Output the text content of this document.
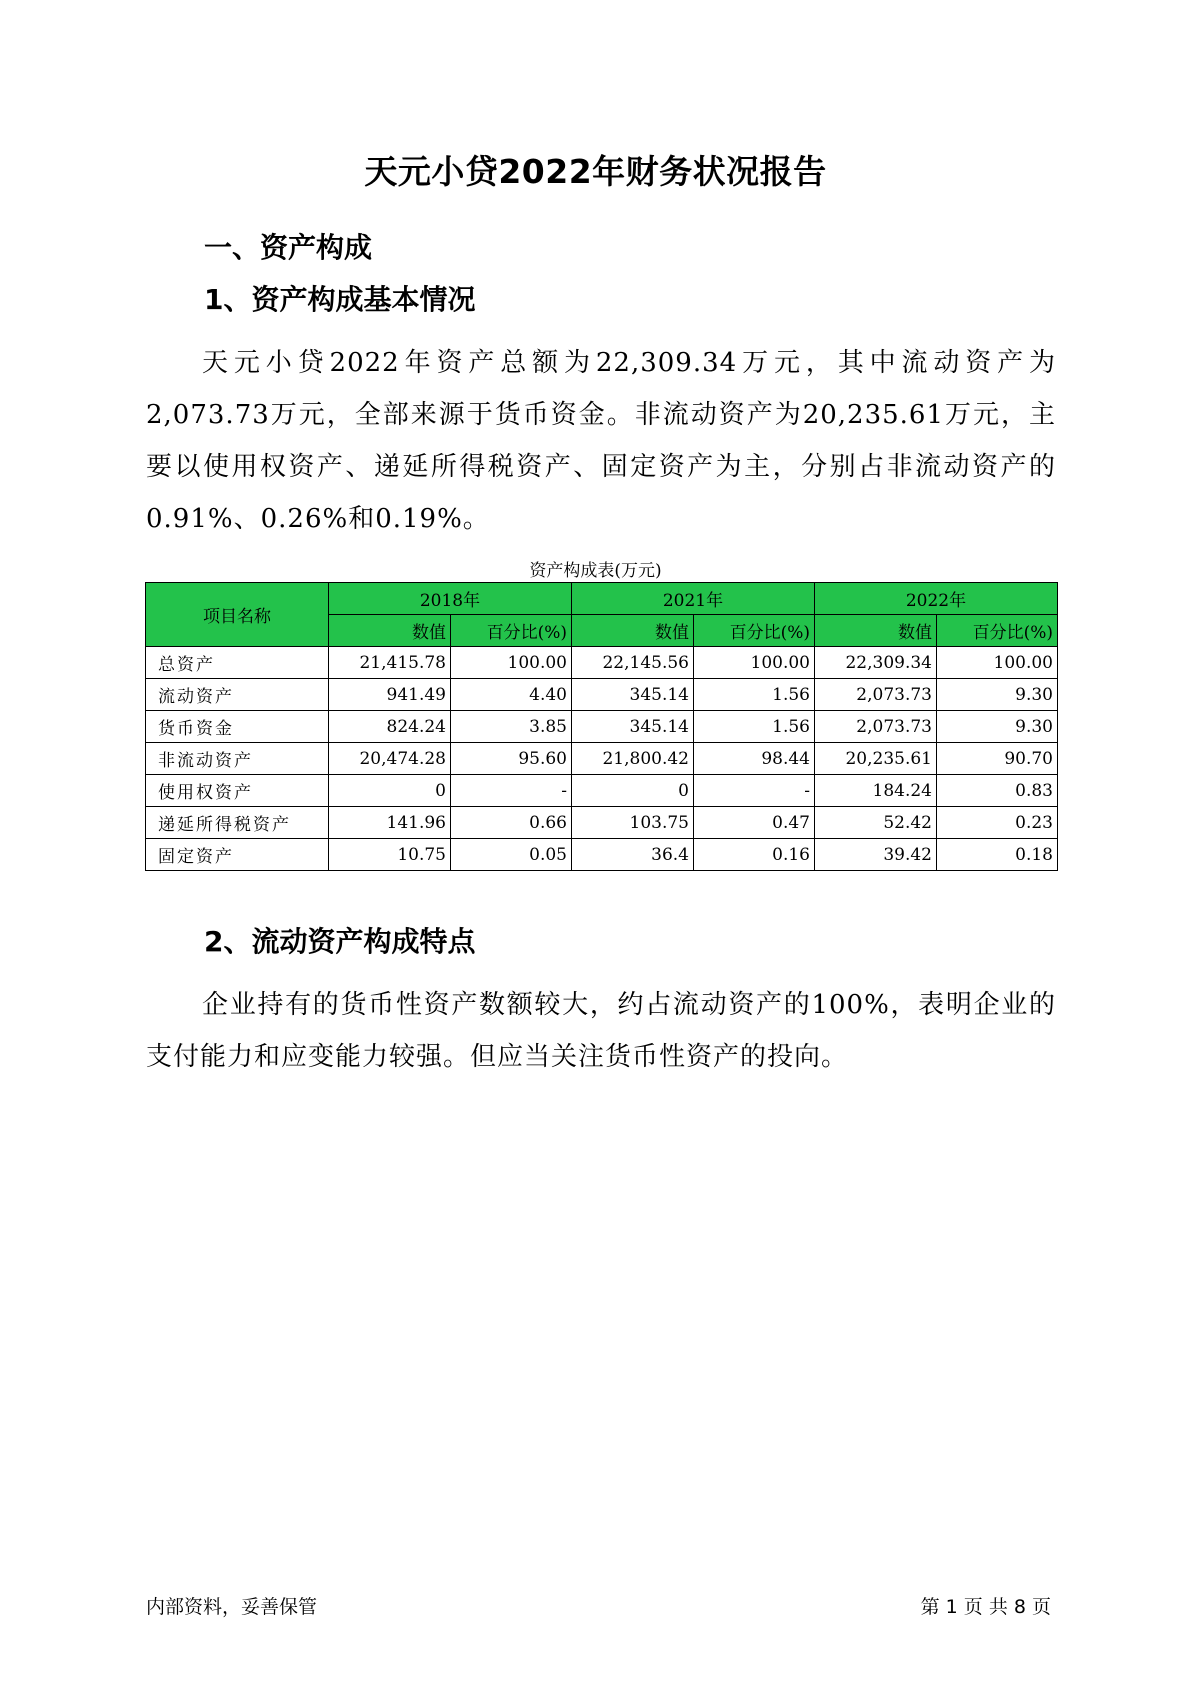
天元小贷2022年财务状况报告
一、资产构成
1、资产构成基本情况
天元小贷2022年资产总额为22,309.34万元，其中流动资产为2,073.73万元，全部来源于货币资金。非流动资产为20,235.61万元，主要以使用权资产、递延所得税资产、固定资产为主，分别占非流动资产的0.91%、0.26%和0.19%。
资产构成表(万元)
项目名称	2018年		2021年		2022年	
	数值	百分比(%)	数值	百分比(%)	数值	百分比(%)
总资产	21,415.78	100.00	22,145.56	100.00	22,309.34	100.00
流动资产	941.49	4.40	345.14	1.56	2,073.73	9.30
货币资金	824.24	3.85	345.14	1.56	2,073.73	9.30
非流动资产	20,474.28	95.60	21,800.42	98.44	20,235.61	90.70
使用权资产	0	-	0	-	184.24	0.83
递延所得税资产	141.96	0.66	103.75	0.47	52.42	0.23
固定资产	10.75	0.05	36.4	0.16	39.42	0.18
2、流动资产构成特点
企业持有的货币性资产数额较大，约占流动资产的100%，表明企业的支付能力和应变能力较强。但应当关注货币性资产的投向。
内部资料，妥善保管	第 1 页 共 8 页
